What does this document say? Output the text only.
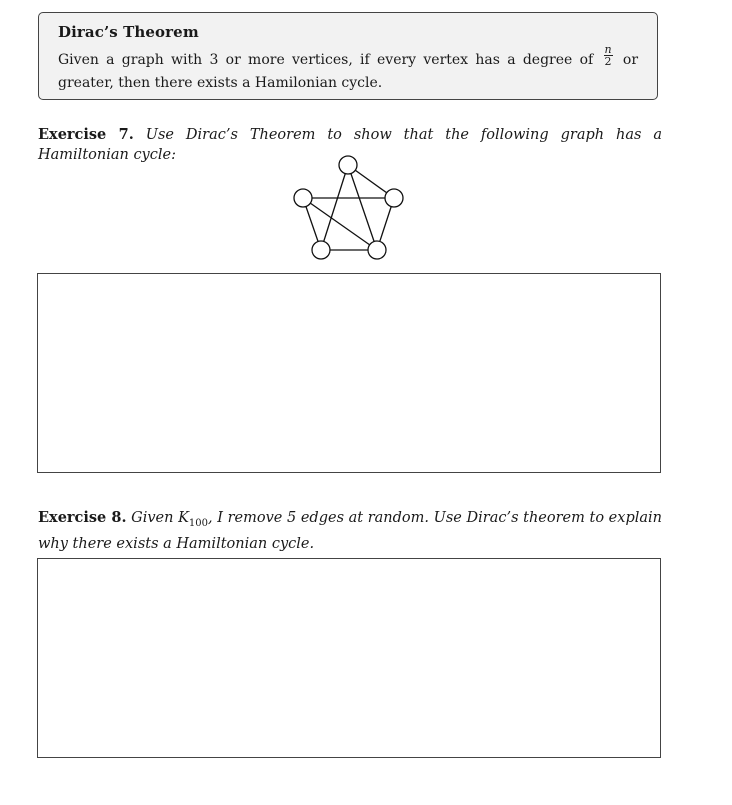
Dirac’s Theorem
Given a graph with 3 or more vertices, if every vertex has a degree of $\frac{n}{2}$ or greater, then there exists a Hamilonian cycle.
Exercise 7. Use Dirac’s Theorem to show that the following graph has a Hamiltonian cycle:
Exercise 8. Given $K_{100}$, I remove 5 edges at random. Use Dirac’s theorem to explain why there exists a Hamiltonian cycle.
